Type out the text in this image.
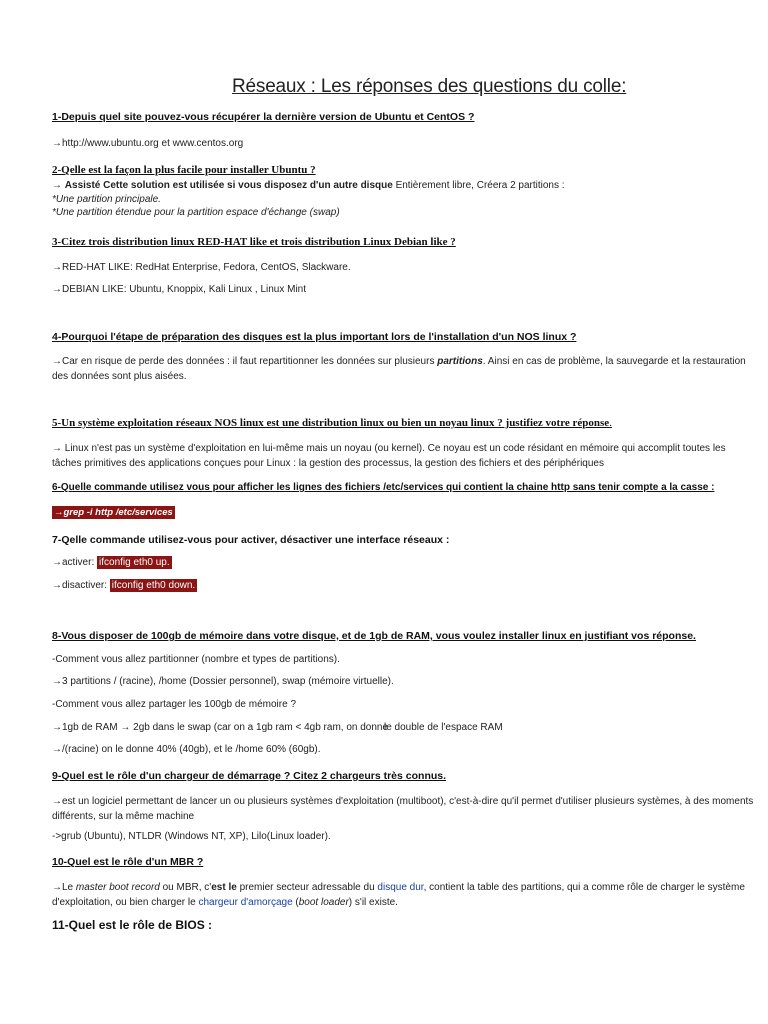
Réseaux : Les réponses des questions du colle:
1-Depuis quel site pouvez-vous récupérer la dernière version de Ubuntu et CentOS ?
→http://www.ubuntu.org et www.centos.org
2-Qelle est la façon la plus facile pour installer Ubuntu ?
→ Assisté Cette solution est utilisée si vous disposez d'un autre disque Entièrement libre, Créera 2 partitions :
*Une partition principale.
*Une partition étendue pour la partition espace d'échange (swap)
3-Citez trois distribution linux RED-HAT like et trois distribution Linux Debian like ?
→RED-HAT LIKE: RedHat Enterprise, Fedora, CentOS, Slackware.
→DEBIAN LIKE: Ubuntu, Knoppix, Kali Linux , Linux Mint
4-Pourquoi l'étape de préparation des disques est la plus important lors de l'installation d'un NOS linux ?
→Car en risque de perde des données : il faut repartitionner les données sur plusieurs partitions. Ainsi en cas de problème, la sauvegarde et la restauration des données sont plus aisées.
5-Un système exploitation réseaux NOS linux est une distribution linux ou bien un noyau linux ? justifiez votre réponse.
→ Linux n'est pas un système d'exploitation en lui-même mais un noyau (ou kernel). Ce noyau est un code résidant en mémoire qui accomplit toutes les tâches primitives des applications conçues pour Linux : la gestion des processus, la gestion des fichiers et des périphériques
6-Quelle commande utilisez vous pour afficher les lignes des fichiers /etc/services qui contient la chaine http sans tenir compte a la casse :
→grep -i http /etc/services
7-Qelle commande utilisez-vous pour activer, désactiver une interface réseaux :
→activer: ifconfig eth0 up.
→disactiver: ifconfig eth0 down.
8-Vous disposer de 100gb de mémoire dans votre disque, et de 1gb de RAM, vous voulez installer linux en justifiant vos réponse.
-Comment vous allez partitionner (nombre et types de partitions).
→3 partitions / (racine), /home (Dossier personnel), swap (mémoire virtuelle).
-Comment vous allez partager les 100gb de mémoire ?
→1gb de RAM → 2gb dans le swap (car on a 1gb ram < 4gb ram, on donne
le double de l'espace RAM
→/(racine) on le donne 40% (40gb), et le /home 60% (60gb).
9-Quel est le rôle d'un chargeur de démarrage ? Citez 2 chargeurs très connus.
→est un logiciel permettant de lancer un ou plusieurs systèmes d'exploitation (multiboot), c'est-à-dire qu'il permet d'utiliser plusieurs systèmes, à des moments différents, sur la même machine
->grub (Ubuntu), NTLDR (Windows NT, XP), Lilo(Linux loader).
10-Quel est le rôle d'un MBR ?
→Le master boot record ou MBR, c'est le premier secteur adressable du disque dur, contient la table des partitions, qui a comme rôle de charger le système d'exploitation, ou bien charger le chargeur d'amorçage (boot loader) s'il existe.
11-Quel est le rôle de BIOS :
